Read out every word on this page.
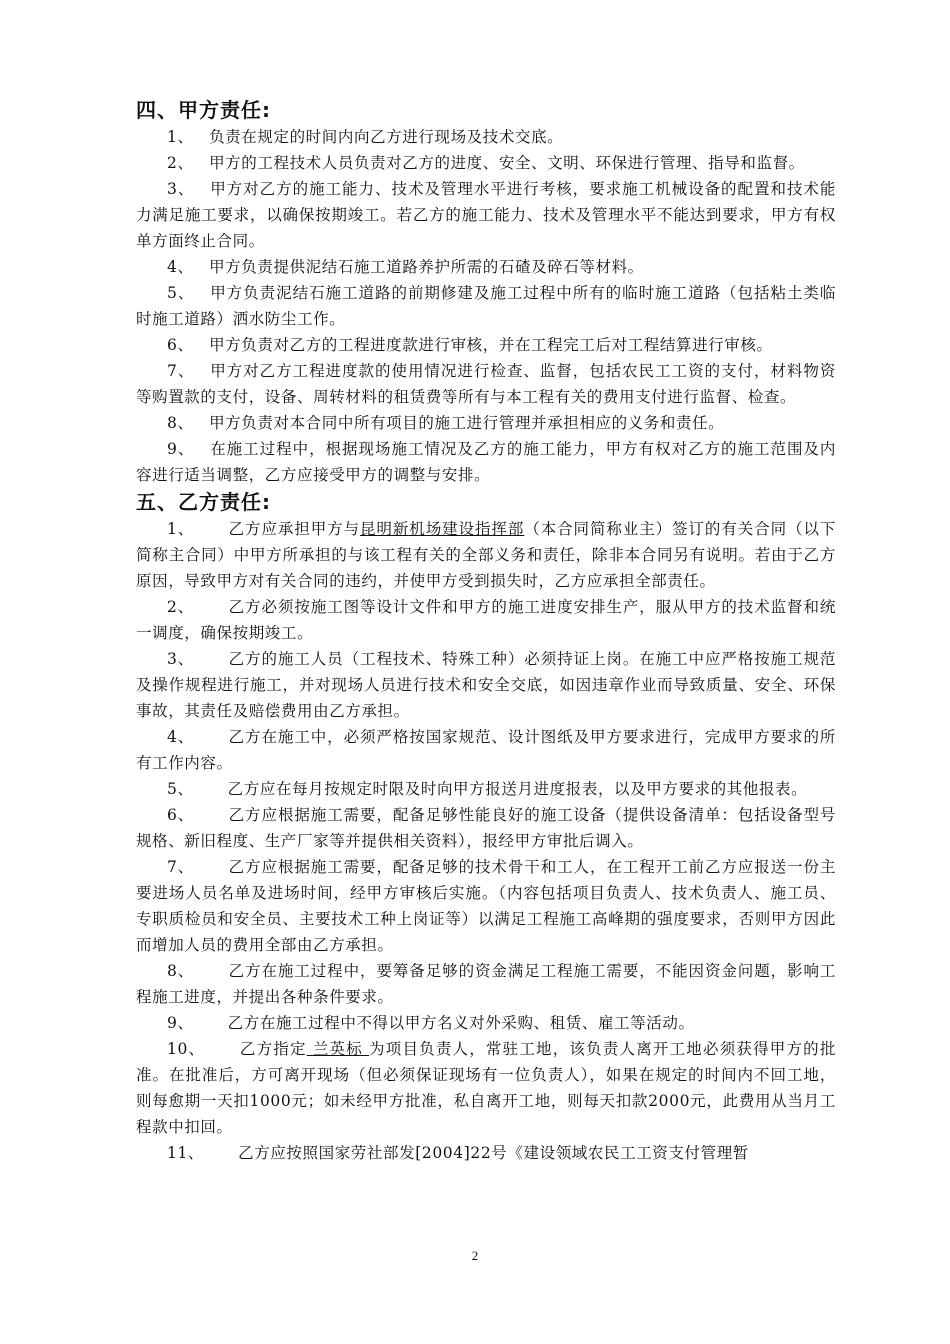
四、甲方责任:

1、 负责在规定的时间内向乙方进行现场及技术交底。

2、 甲方的工程技术人员负责对乙方的进度、安全、文明、环保进行管理、指导和监督。

3、 甲方对乙方的施工能力、技术及管理水平进行考核，要求施工机械设备的配置和技术能力满足施工要求，以确保按期竣工。若乙方的施工能力、技术及管理水平不能达到要求，甲方有权单方面终止合同。

4、 甲方负责提供泥结石施工道路养护所需的石碴及碎石等材料。

5、 甲方负责泥结石施工道路的前期修建及施工过程中所有的临时施工道路（包括粘土类临时施工道路）洒水防尘工作。

6、 甲方负责对乙方的工程进度款进行审核，并在工程完工后对工程结算进行审核。

7、 甲方对乙方工程进度款的使用情况进行检查、监督，包括农民工工资的支付，材料物资等购置款的支付，设备、周转材料的租赁费等所有与本工程有关的费用支付进行监督、检查。

8、 甲方负责对本合同中所有项目的施工进行管理并承担相应的义务和责任。

9、 在施工过程中，根据现场施工情况及乙方的施工能力，甲方有权对乙方的施工范围及内容进行适当调整，乙方应接受甲方的调整与安排。

五、乙方责任:

1、 乙方应承担甲方与昆明新机场建设指挥部（本合同简称业主）签订的有关合同（以下简称主合同）中甲方所承担的与该工程有关的全部义务和责任，除非本合同另有说明。若由于乙方原因，导致甲方对有关合同的违约，并使甲方受到损失时，乙方应承担全部责任。

2、 乙方必须按施工图等设计文件和甲方的施工进度安排生产，服从甲方的技术监督和统一调度，确保按期竣工。

3、 乙方的施工人员（工程技术、特殊工种）必须持证上岗。在施工中应严格按施工规范及操作规程进行施工，并对现场人员进行技术和安全交底，如因违章作业而导致质量、安全、环保事故，其责任及赔偿费用由乙方承担。

4、 乙方在施工中，必须严格按国家规范、设计图纸及甲方要求进行，完成甲方要求的所有工作内容。

5、 乙方应在每月按规定时限及时向甲方报送月进度报表，以及甲方要求的其他报表。

6、 乙方应根据施工需要，配备足够性能良好的施工设备（提供设备清单：包括设备型号规格、新旧程度、生产厂家等并提供相关资料），报经甲方审批后调入。

7、 乙方应根据施工需要，配备足够的技术骨干和工人，在工程开工前乙方应报送一份主要进场人员名单及进场时间，经甲方审核后实施。（内容包括项目负责人、技术负责人、施工员、专职质检员和安全员、主要技术工种上岗证等）以满足工程施工高峰期的强度要求，否则甲方因此而增加人员的费用全部由乙方承担。

8、 乙方在施工过程中，要筹备足够的资金满足工程施工需要，不能因资金问题，影响工程施工进度，并提出各种条件要求。

9、 乙方在施工过程中不得以甲方名义对外采购、租赁、雇工等活动。

10、 乙方指定 兰英标 为项目负责人，常驻工地，该负责人离开工地必须获得甲方的批准。在批准后，方可离开现场（但必须保证现场有一位负责人），如果在规定的时间内不回工地，则每愈期一天扣1000元；如未经甲方批准，私自离开工地，则每天扣款2000元，此费用从当月工程款中扣回。

11、 乙方应按照国家劳社部发[2004]22号《建设领域农民工工资支付管理暂

2
